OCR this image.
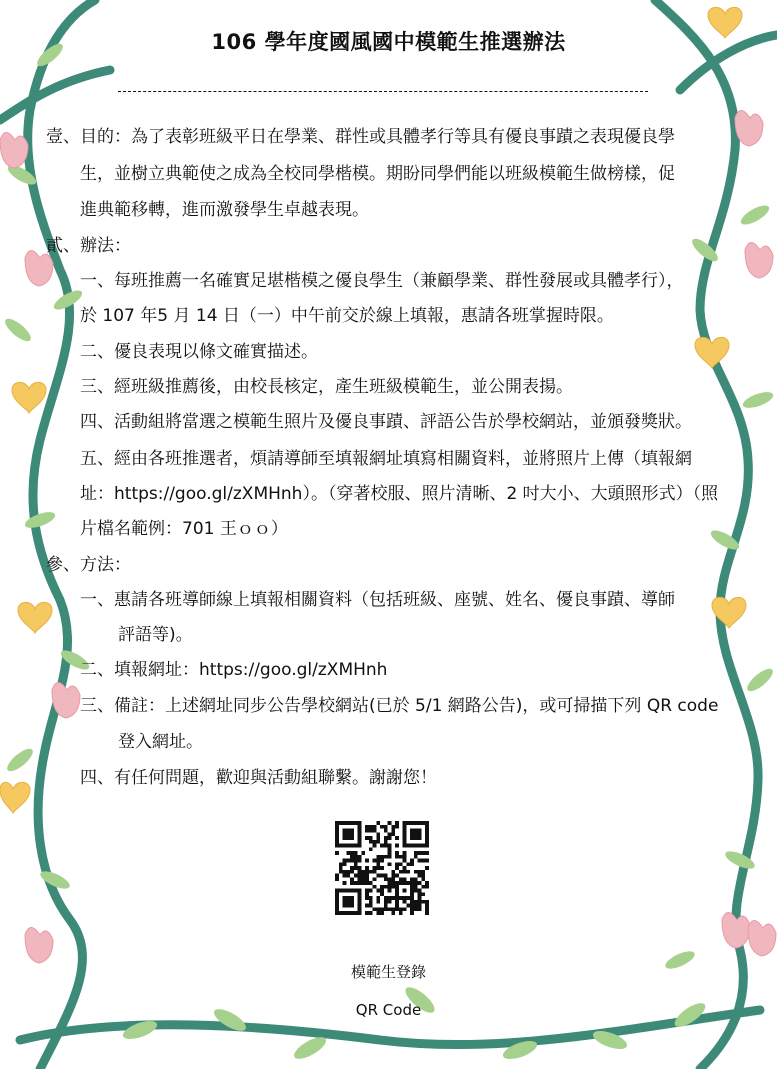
106 學年度國風國中模範生推選辦法
壹、目的：為了表彰班級平日在學業、群性或具體孝行等具有優良事蹟之表現優良學
生，並樹立典範使之成為全校同學楷模。期盼同學們能以班級模範生做榜樣，促
進典範移轉，進而激發學生卓越表現。
貳、辦法：
一、每班推薦一名確實足堪楷模之優良學生（兼顧學業、群性發展或具體孝行），
於 107 年5 月 14 日（一）中午前交於線上填報，惠請各班掌握時限。
二、優良表現以條文確實描述。
三、經班級推薦後，由校長核定，產生班級模範生，並公開表揚。
四、活動組將當選之模範生照片及優良事蹟、評語公告於學校網站，並頒發獎狀。
五、經由各班推選者，煩請導師至填報網址填寫相關資料，並將照片上傳（填報網
址：https://goo.gl/zXMHnh）。（穿著校服、照片清晰、2 吋大小、大頭照形式）（照
片檔名範例：701 王ｏｏ）
參、方法：
一、惠請各班導師線上填報相關資料（包括班級、座號、姓名、優良事蹟、導師
評語等)。
二、填報網址：https://goo.gl/zXMHnh
三、備註：上述網址同步公告學校網站(已於 5/1 網路公告)，或可掃描下列 QR code
登入網址。
四、有任何問題，歡迎與活動組聯繫。謝謝您！
模範生登錄
QR Code
